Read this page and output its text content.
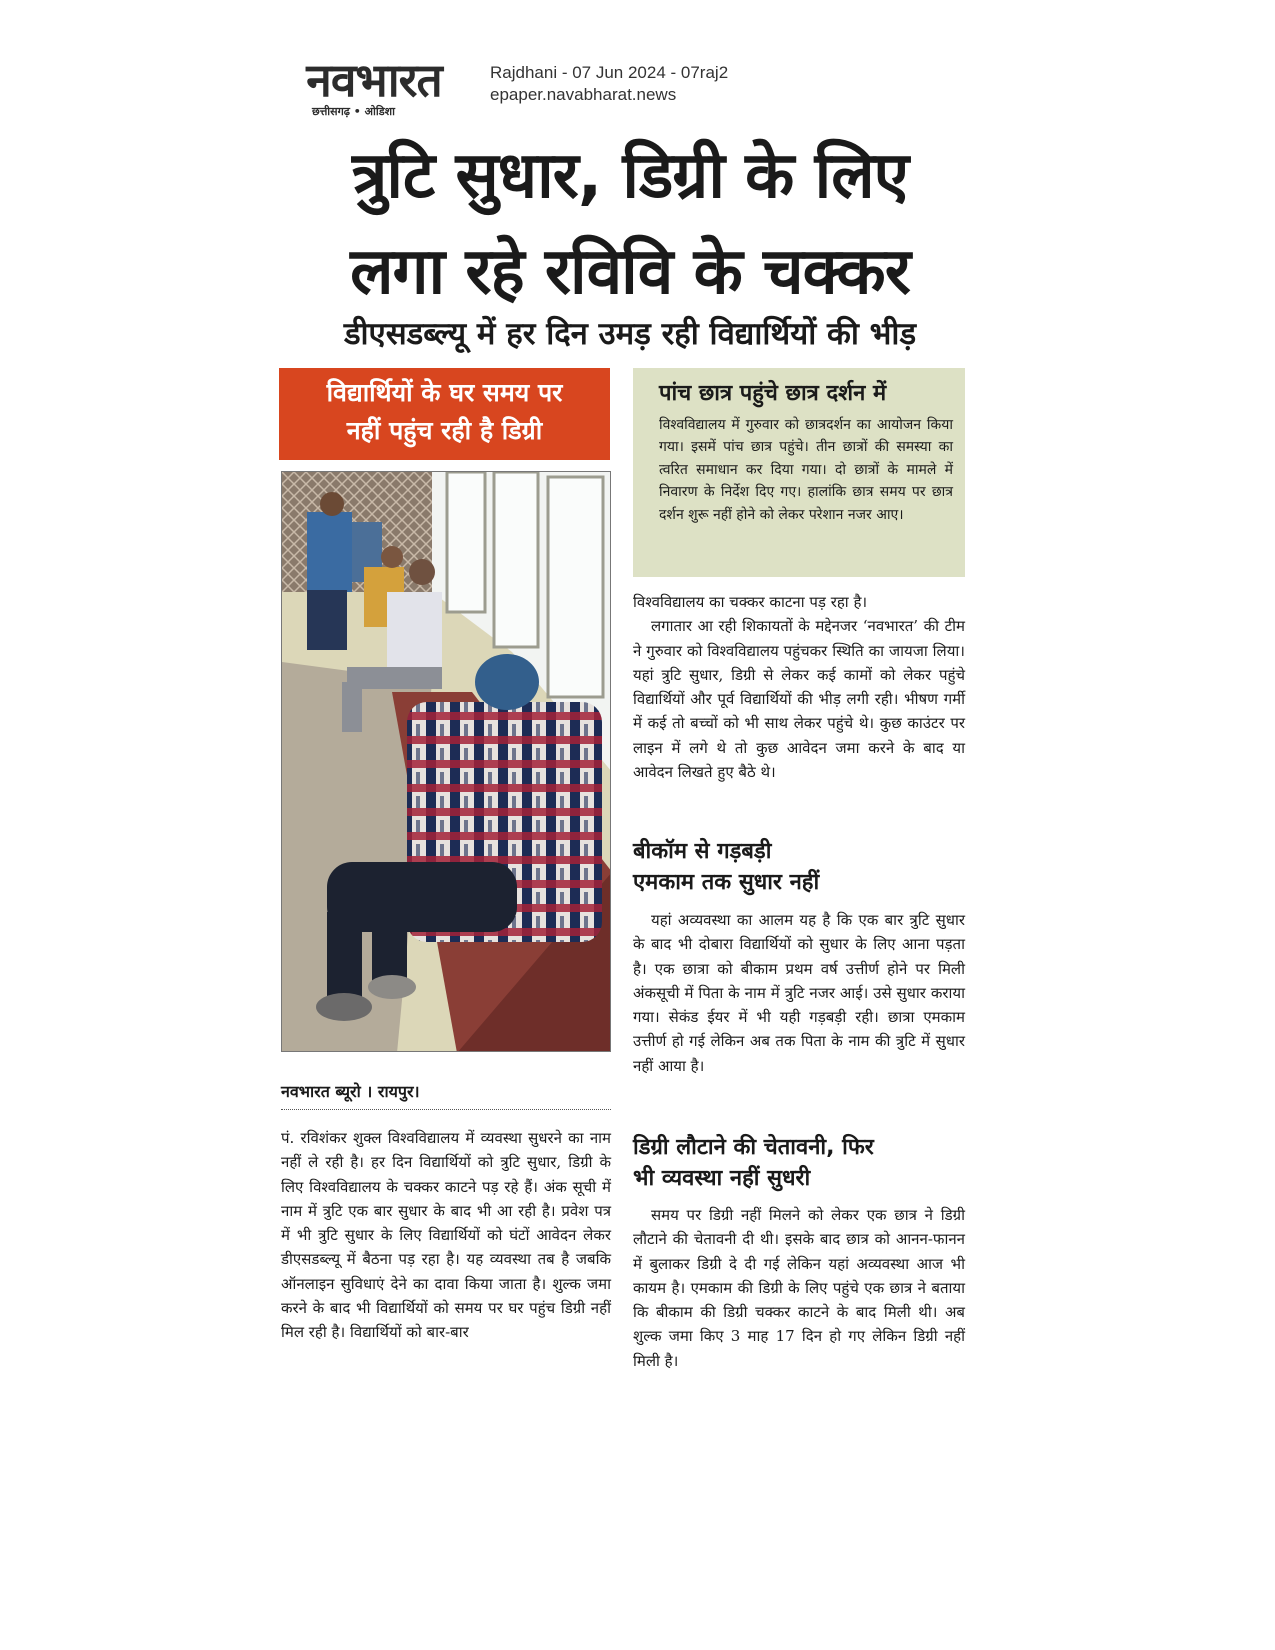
नवभारत
छत्तीसगढ़ • ओडिशा
Rajdhani - 07 Jun 2024 - 07raj2
epaper.navabharat.news
त्रुटि सुधार, डिग्री के लिए
लगा रहे रविवि के चक्कर
डीएसडब्ल्यू में हर दिन उमड़ रही विद्यार्थियों की भीड़
विद्यार्थियों के घर समय पर
नहीं पहुंच रही है डिग्री
नवभारत ब्यूरो । रायपुर।

पं. रविशंकर शुक्ल विश्वविद्यालय में व्यवस्था सुधरने का नाम नहीं ले रही है। हर दिन विद्यार्थियों को त्रुटि सुधार, डिग्री के लिए विश्वविद्यालय के चक्कर काटने पड़ रहे हैं। अंक सूची में नाम में त्रुटि एक बार सुधार के बाद भी आ रही है। प्रवेश पत्र में भी त्रुटि सुधार के लिए विद्यार्थियों को घंटों आवेदन लेकर डीएसडब्ल्यू में बैठना पड़ रहा है। यह व्यवस्था तब है जबकि ऑनलाइन सुविधाएं देने का दावा किया जाता है। शुल्क जमा करने के बाद भी विद्यार्थियों को समय पर घर पहुंच डिग्री नहीं मिल रही है। विद्यार्थियों को बार-बार

पांच छात्र पहुंचे छात्र दर्शन में
विश्वविद्यालय में गुरुवार को छात्रदर्शन का आयोजन किया गया। इसमें पांच छात्र पहुंचे। तीन छात्रों की समस्या का त्वरित समाधान कर दिया गया। दो छात्रों के मामले में निवारण के निर्देश दिए गए। हालांकि छात्र समय पर छात्र दर्शन शुरू नहीं होने को लेकर परेशान नजर आए।

विश्वविद्यालय का चक्कर काटना पड़ रहा है।

लगातार आ रही शिकायतों के मद्देनजर ‘नवभारत’ की टीम ने गुरुवार को विश्वविद्यालय पहुंचकर स्थिति का जायजा लिया। यहां त्रुटि सुधार, डिग्री से लेकर कई कामों को लेकर पहुंचे विद्यार्थियों और पूर्व विद्यार्थियों की भीड़ लगी रही। भीषण गर्मी में कई तो बच्चों को भी साथ लेकर पहुंचे थे। कुछ काउंटर पर लाइन में लगे थे तो कुछ आवेदन जमा करने के बाद या आवेदन लिखते हुए बैठे थे।

बीकॉम से गड़बड़ी
एमकाम तक सुधार नहीं

यहां अव्यवस्था का आलम यह है कि एक बार त्रुटि सुधार के बाद भी दोबारा विद्यार्थियों को सुधार के लिए आना पड़ता है। एक छात्रा को बीकाम प्रथम वर्ष उत्तीर्ण होने पर मिली अंकसूची में पिता के नाम में त्रुटि नजर आई। उसे सुधार कराया गया। सेकंड ईयर में भी यही गड़बड़ी रही। छात्रा एमकाम उत्तीर्ण हो गई लेकिन अब तक पिता के नाम की त्रुटि में सुधार नहीं आया है।

डिग्री लौटाने की चेतावनी, फिर
भी व्यवस्था नहीं सुधरी

समय पर डिग्री नहीं मिलने को लेकर एक छात्र ने डिग्री लौटाने की चेतावनी दी थी। इसके बाद छात्र को आनन-फानन में बुलाकर डिग्री दे दी गई लेकिन यहां अव्यवस्था आज भी कायम है। एमकाम की डिग्री के लिए पहुंचे एक छात्र ने बताया कि बीकाम की डिग्री चक्कर काटने के बाद मिली थी। अब शुल्क जमा किए 3 माह 17 दिन हो गए लेकिन डिग्री नहीं मिली है।
